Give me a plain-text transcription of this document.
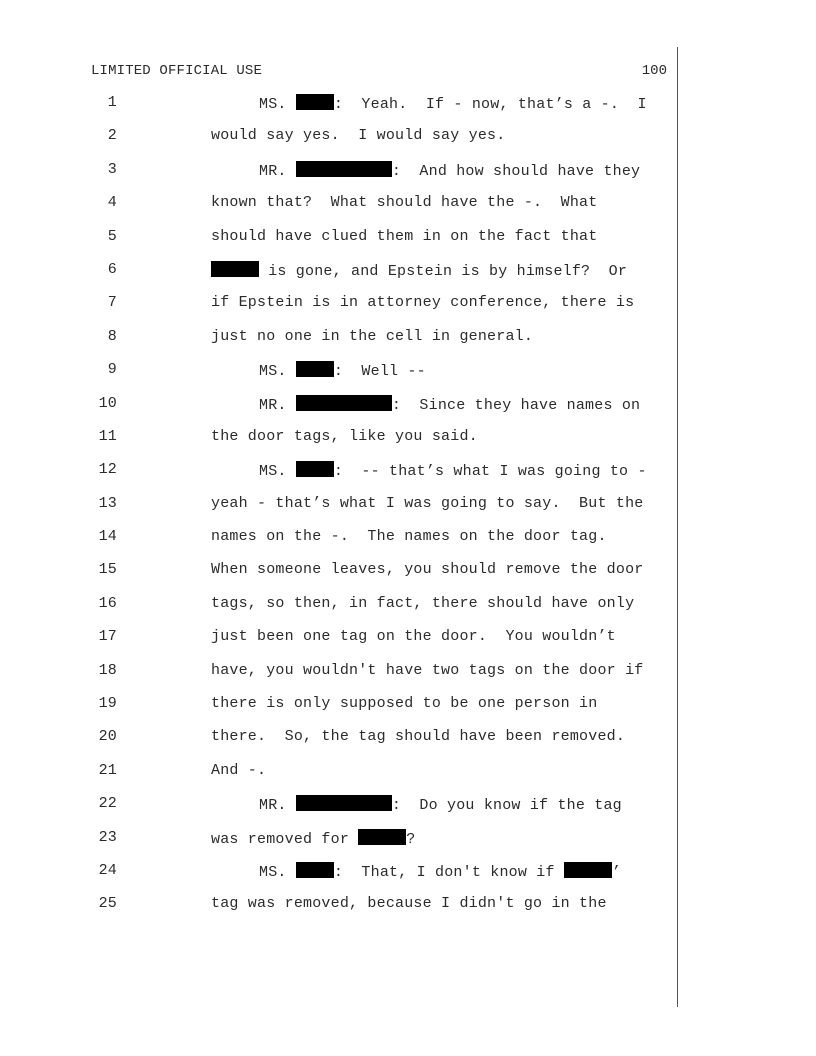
LIMITED OFFICIAL USE	100

1

	MS.	:  Yeah.  If - now, that’s a -.  I

2

	would say yes.  I would say yes.

3

	MR.	:  And how should have they

4

	known that?  What should have the -.  What

5

	should have clued them in on the fact that

6

	is gone, and Epstein is by himself?  Or

7

	if Epstein is in attorney conference, there is

8

	just no one in the cell in general.

9

	MS.	:  Well --

10

	MR.	:  Since they have names on

11

	the door tags, like you said.

12

	MS.	:  -- that’s what I was going to -

13

	yeah - that’s what I was going to say.  But the

14

	names on the -.  The names on the door tag.

15

	When someone leaves, you should remove the door

16

	tags, so then, in fact, there should have only

17

	just been one tag on the door.  You wouldn’t

18

	have, you wouldn't have two tags on the door if

19

	there is only supposed to be one person in

20

	there.  So, the tag should have been removed.

21

	And -.

22

	MR.	:  Do you know if the tag

23

	was removed for	?

24

	MS.	:  That, I don't know if	’

25

	tag was removed, because I didn't go in the
